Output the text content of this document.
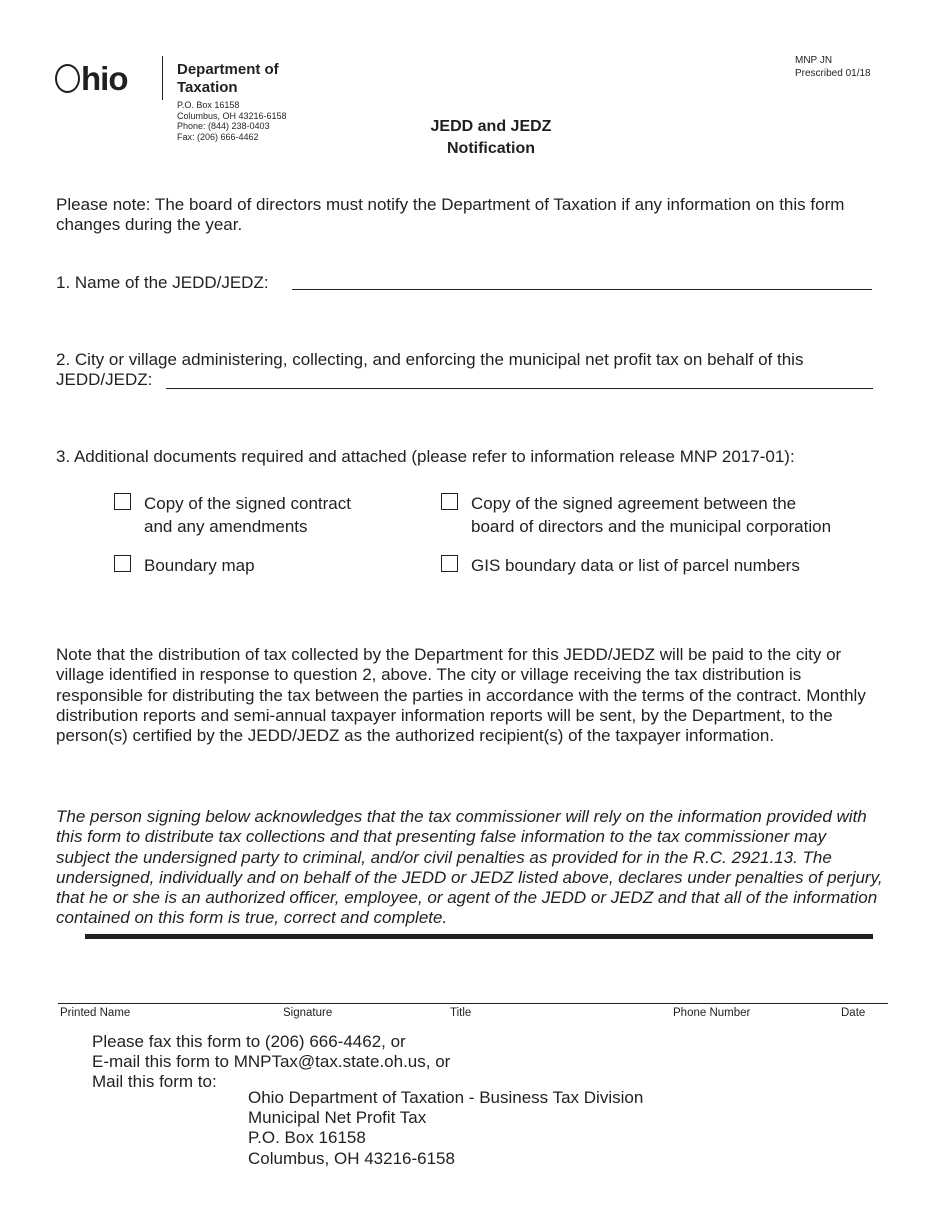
hio	Department of
Taxation
P.O. Box 16158
Columbus, OH 43216-6158
Phone: (844) 238-0403
Fax: (206) 666-4462
MNP JN
Prescribed 01/18
JEDD and JEDZ
Notification
Please note: The board of directors must notify the Department of Taxation if any information on this form changes during the year.
1. Name of the JEDD/JEDZ:
2. City or village administering, collecting, and enforcing the municipal net profit tax on behalf of this
JEDD/JEDZ:
3. Additional documents required and attached (please refer to information release MNP 2017-01):
Copy of the signed contract
and any amendments
Copy of the signed agreement between the
board of directors and the municipal corporation
Boundary map	GIS boundary data or list of parcel numbers
Note that the distribution of tax collected by the Department for this JEDD/JEDZ will be paid to the city or village identified in response to question 2, above. The city or village receiving the tax distribution is responsible for distributing the tax between the parties in accordance with the terms of the contract. Monthly distribution reports and semi-annual taxpayer information reports will be sent, by the Department, to the person(s) certified by the JEDD/JEDZ as the authorized recipient(s) of the taxpayer information.
The person signing below acknowledges that the tax commissioner will rely on the information provided with this form to distribute tax collections and that presenting false information to the tax commissioner may subject the undersigned party to criminal, and/or civil penalties as provided for in the R.C. 2921.13. The undersigned, individually and on behalf of the JEDD or JEDZ listed above, declares under penalties of perjury, that he or she is an authorized officer, employee, or agent of the JEDD or JEDZ and that all of the information contained on this form is true, correct and complete.
Printed Name	Signature	Title	Phone Number	Date
Please fax this form to (206) 666-4462, or
E-mail this form to MNPTax@tax.state.oh.us, or
Mail this form to:
Ohio Department of Taxation - Business Tax Division
Municipal Net Profit Tax
P.O. Box 16158
Columbus, OH 43216-6158
